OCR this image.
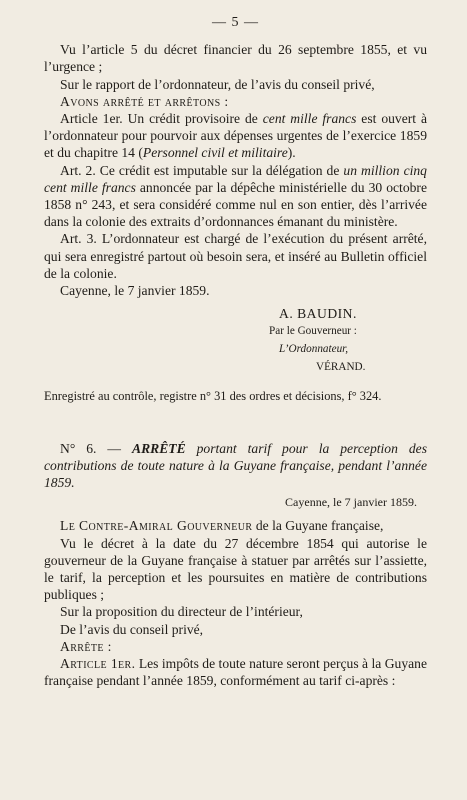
— 5 —

Vu l’article 5 du décret financier du 26 septembre 1855, et vu l’urgence ;

Sur le rapport de l’ordonnateur, de l’avis du conseil privé,

Avons arrêté et arrêtons :

Article 1er. Un crédit provisoire de cent mille francs est ouvert à l’ordonnateur pour pourvoir aux dépenses urgentes de l’exercice 1859 et du chapitre 14 (Personnel civil et militaire).

Art. 2. Ce crédit est imputable sur la délégation de un million cinq cent mille francs annoncée par la dépêche ministérielle du 30 octobre 1858 n° 243, et sera considéré comme nul en son entier, dès l’arrivée dans la colonie des extraits d’ordonnances émanant du ministère.

Art. 3. L’ordonnateur est chargé de l’exécution du présent arrêté, qui sera enregistré partout où besoin sera, et inséré au Bulletin officiel de la colonie.

Cayenne, le 7 janvier 1859.

A. BAUDIN.
Par le Gouverneur :
L’Ordonnateur,
VÉRAND.

Enregistré au contrôle, registre n° 31 des ordres et décisions, f° 324.

N° 6. — ARRÊTÉ portant tarif pour la perception des contributions de toute nature à la Guyane française, pendant l’année 1859.

Cayenne, le 7 janvier 1859.

Le Contre-Amiral Gouverneur de la Guyane française,

Vu le décret à la date du 27 décembre 1854 qui autorise le gouverneur de la Guyane française à statuer par arrêtés sur l’assiette, le tarif, la perception et les poursuites en matière de contributions publiques ;

Sur la proposition du directeur de l’intérieur,

De l’avis du conseil privé,

Arrête :

Article 1er. Les impôts de toute nature seront perçus à la Guyane française pendant l’année 1859, conformément au tarif ci-après :
